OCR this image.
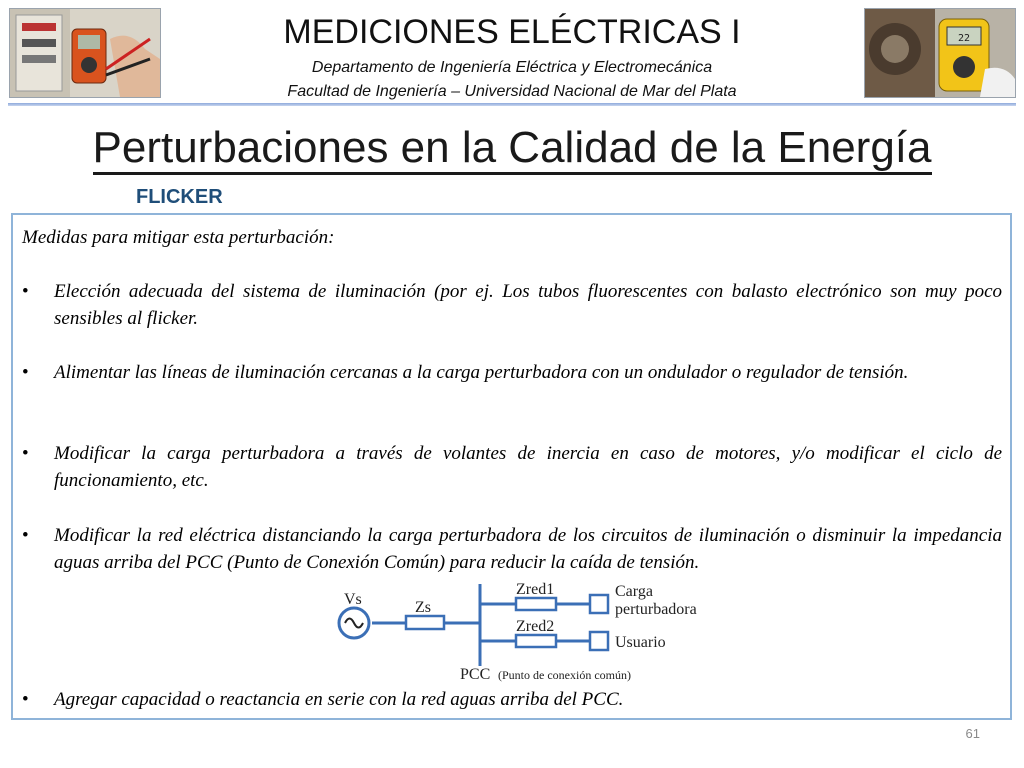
22
MEDICIONES ELÉCTRICAS I
Departamento de Ingeniería Eléctrica y Electromecánica
Facultad de Ingeniería – Universidad Nacional de Mar del Plata
Perturbaciones en la Calidad de la Energía
FLICKER
Medidas para mitigar esta perturbación:
• Elección adecuada del sistema de iluminación (por ej. Los tubos fluorescentes con balasto electrónico son muy poco sensibles al flicker.
• Alimentar las líneas de iluminación cercanas a la carga perturbadora con un ondulador o regulador de tensión.
• Modificar la carga perturbadora a través de volantes de inercia en caso de motores, y/o modificar el ciclo de funcionamiento, etc.
• Modificar la red eléctrica distanciando la carga perturbadora de los circuitos de iluminación o disminuir la impedancia aguas arriba del PCC (Punto de Conexión Común) para reducir la caída de tensión.
• Agregar capacidad o reactancia en serie con la red aguas arriba del PCC.
Vs	Zs
Zred1
Zred2
Carga
perturbadora
Usuario
PCC (Punto de conexión común)
61
